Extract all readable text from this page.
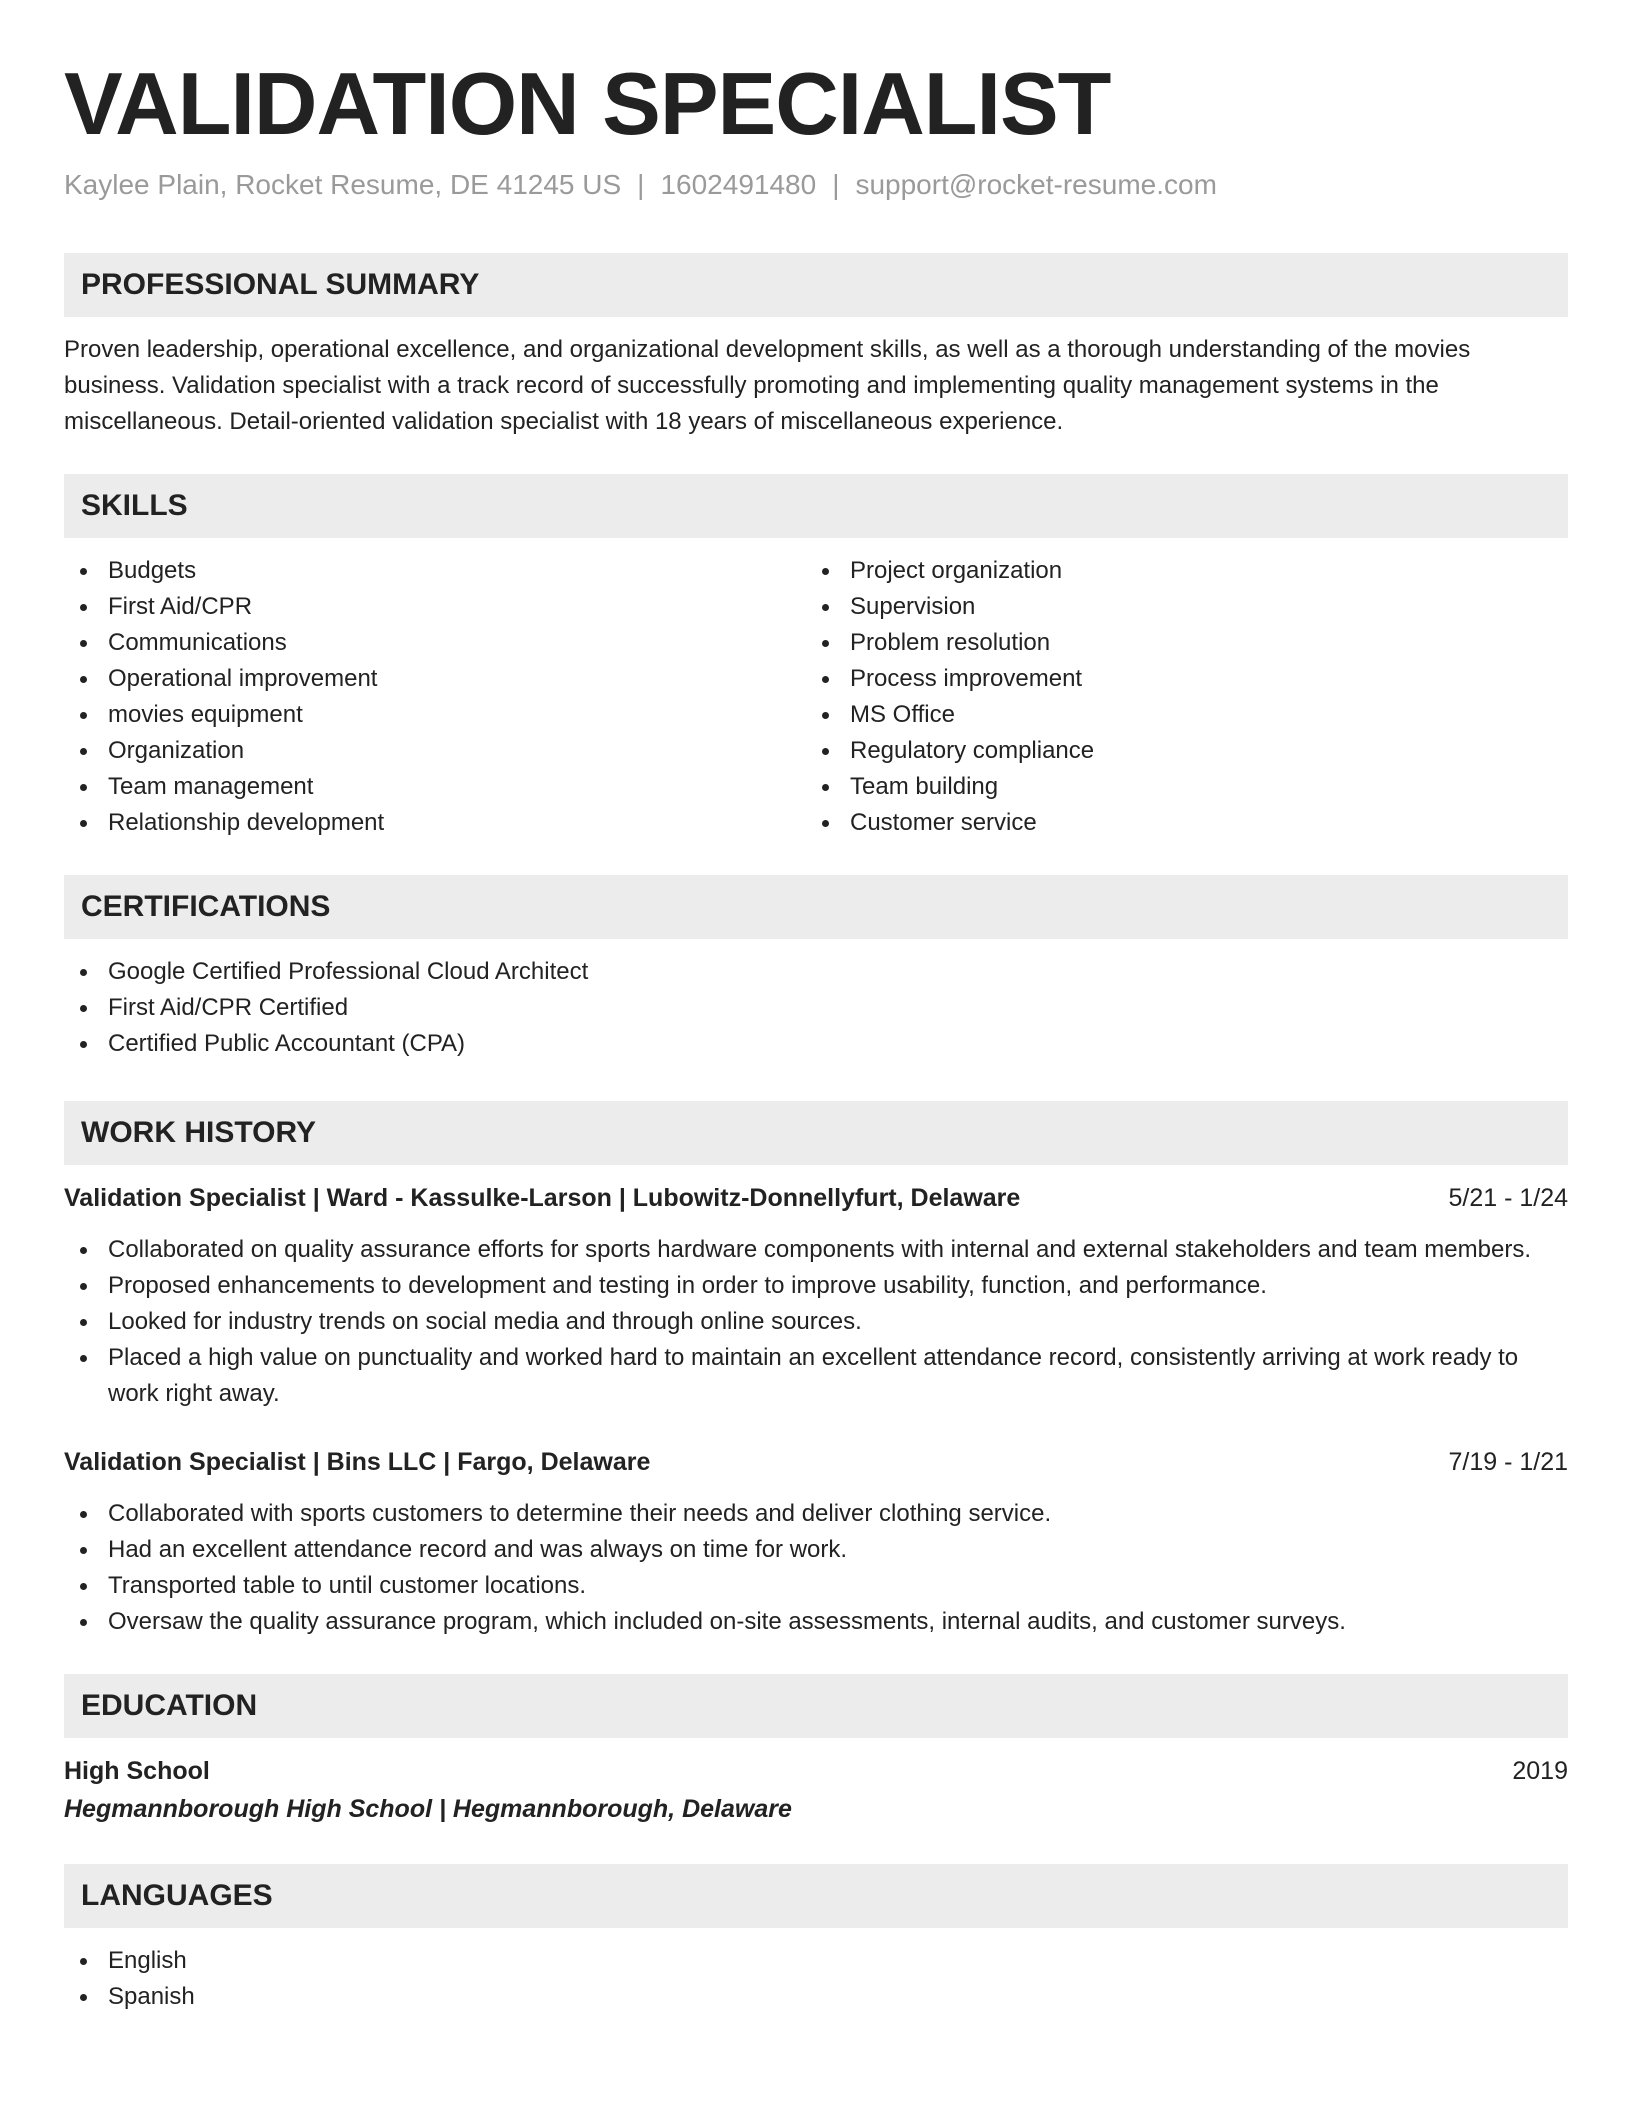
VALIDATION SPECIALIST
Kaylee Plain, Rocket Resume, DE 41245 US | 1602491480 | support@rocket-resume.com
PROFESSIONAL SUMMARY

Proven leadership, operational excellence, and organizational development skills, as well as a thorough understanding of the movies business. Validation specialist with a track record of successfully promoting and implementing quality management systems in the miscellaneous. Detail-oriented validation specialist with 18 years of miscellaneous experience.

SKILLS
Budgets
First Aid/CPR
Communications
Operational improvement
movies equipment
Organization
Team management
Relationship development
Project organization
Supervision
Problem resolution
Process improvement
MS Office
Regulatory compliance
Team building
Customer service
CERTIFICATIONS
Google Certified Professional Cloud Architect
First Aid/CPR Certified
Certified Public Accountant (CPA)
WORK HISTORY
Validation Specialist | Ward - Kassulke-Larson | Lubowitz-Donnellyfurt, Delaware	5/21 - 1/24
Collaborated on quality assurance efforts for sports hardware components with internal and external stakeholders and team members.
Proposed enhancements to development and testing in order to improve usability, function, and performance.
Looked for industry trends on social media and through online sources.
Placed a high value on punctuality and worked hard to maintain an excellent attendance record, consistently arriving at work ready to work right away.
Validation Specialist | Bins LLC | Fargo, Delaware	7/19 - 1/21
Collaborated with sports customers to determine their needs and deliver clothing service.
Had an excellent attendance record and was always on time for work.
Transported table to until customer locations.
Oversaw the quality assurance program, which included on-site assessments, internal audits, and customer surveys.
EDUCATION
High School	2019
Hegmannborough High School | Hegmannborough, Delaware
LANGUAGES
English
Spanish
